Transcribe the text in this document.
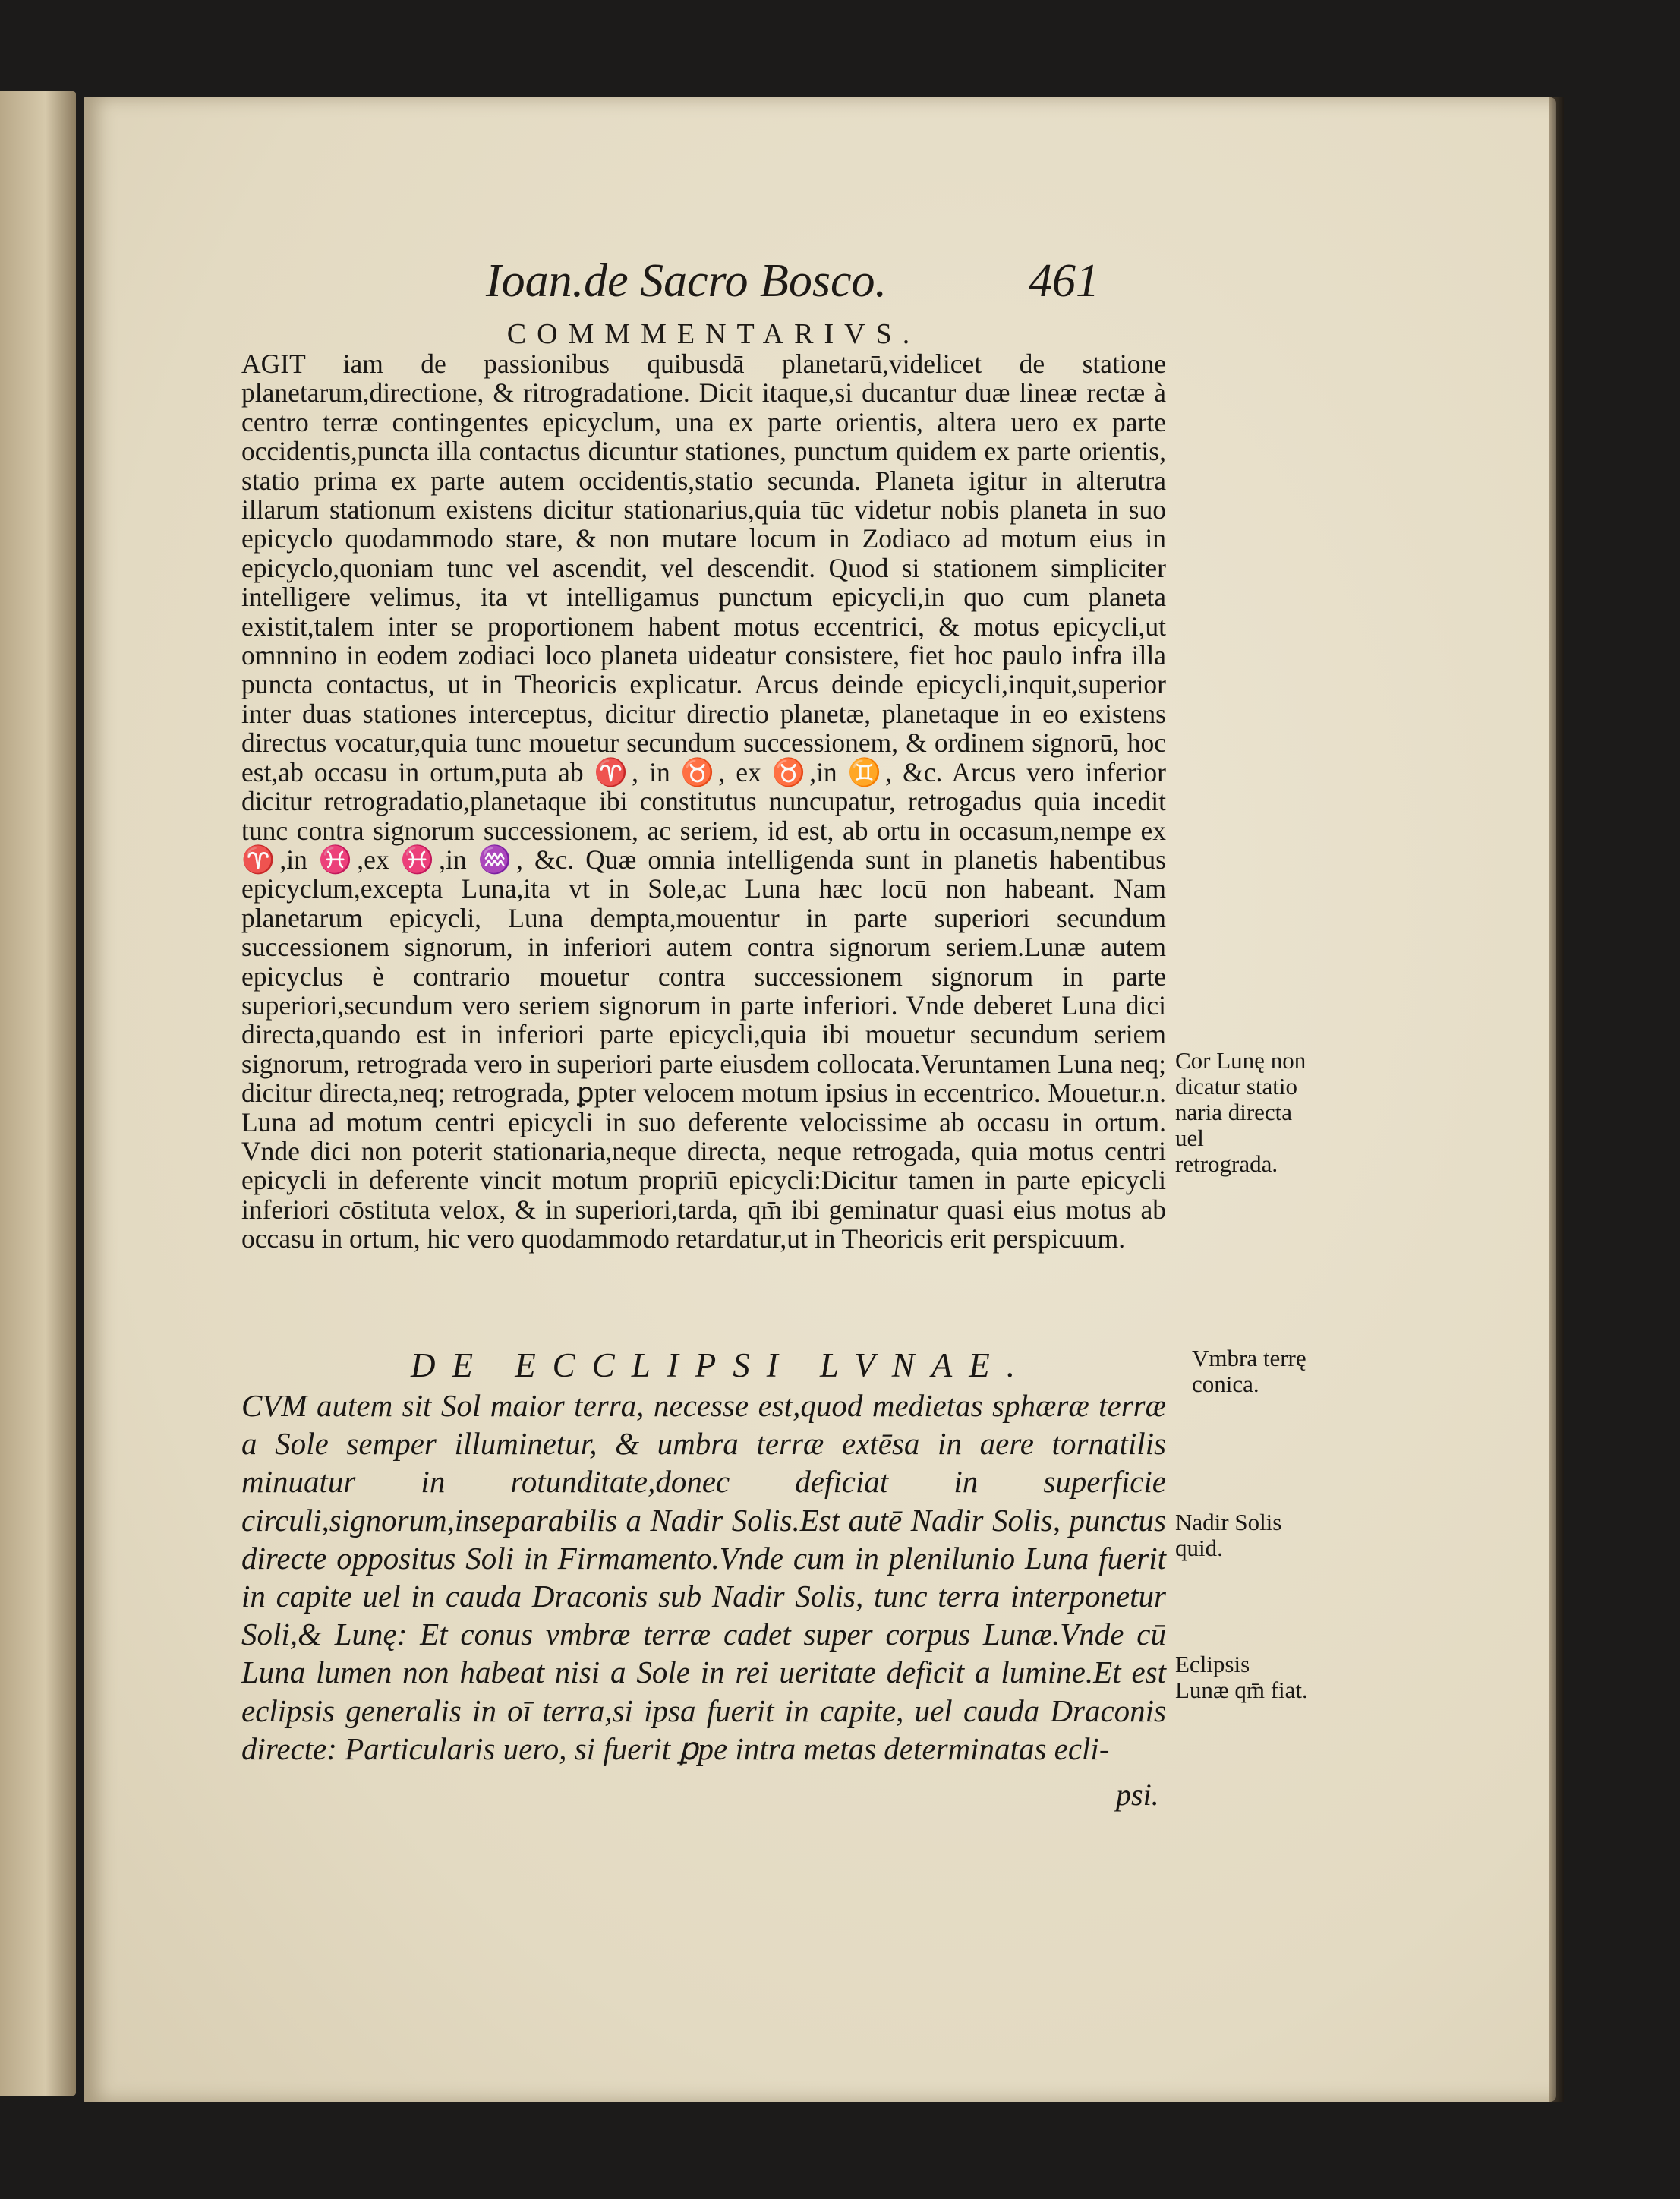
Ioan.de Sacro Bosco.	461
COMMMENTARIVS.

AGIT iam de passionibus quibusdā planetarū,videlicet de statione planetarum,directione, & ritrogradatione. Dicit itaque,si ducantur duæ lineæ rectæ à centro terræ contingentes epicyclum, una ex parte orientis, altera uero ex parte occidentis,puncta illa contactus dicuntur stationes, punctum quidem ex parte orientis, statio prima ex parte autem occidentis,statio secunda. Planeta igitur in alterutra illarum stationum existens dicitur stationarius,quia tūc videtur nobis planeta in suo epicyclo quodammodo stare, & non mutare locum in Zodiaco ad motum eius in epicyclo,quoniam tunc vel ascendit, vel descendit. Quod si stationem simpliciter intelligere velimus, ita vt intelligamus punctum epicycli,in quo cum planeta existit,talem inter se proportionem habent motus eccentrici, & motus epicycli,ut omnnino in eodem zodiaci loco planeta uideatur consistere, fiet hoc paulo infra illa puncta contactus, ut in Theoricis explicatur. Arcus deinde epicycli,inquit,superior inter duas stationes interceptus, dicitur directio planetæ, planetaque in eo existens directus vocatur,quia tunc mouetur secundum successionem, & ordinem signorū, hoc est,ab occasu in ortum,puta ab ♈, in ♉, ex ♉,in ♊, &c. Arcus vero inferior dicitur retrogradatio,planetaque ibi constitutus nuncupatur, retrogadus quia incedit tunc contra signorum successionem, ac seriem, id est, ab ortu in occasum,nempe ex ♈,in ♓,ex ♓,in ♒, &c. Quæ omnia intelligenda sunt in planetis habentibus epicyclum,excepta Luna,ita vt in Sole,ac Luna hæc locū non habeant. Nam planetarum epicycli, Luna dempta,mouentur in parte superiori secundum successionem signorum, in inferiori autem contra signorum seriem.Lunæ autem epicyclus è contrario mouetur contra successionem signorum in parte superiori,secundum vero seriem signorum in parte inferiori. Vnde deberet Luna dici directa,quando est in inferiori parte epicycli,quia ibi mouetur secundum seriem signorum, retrograda vero in superiori parte eiusdem collocata.Veruntamen Luna neq; dicitur directa,neq; retrograda, ꝑpter velocem motum ipsius in eccentrico. Mouetur.n. Luna ad motum centri epicycli in suo deferente velocissime ab occasu in ortum. Vnde dici non poterit stationaria,neque directa, neque retrogada, quia motus centri epicycli in deferente vincit motum propriū epicycli:Dicitur tamen in parte epicycli inferiori cōstituta velox, & in superiori,tarda, qm̄ ibi geminatur quasi eius motus ab occasu in ortum, hic vero quodammodo retardatur,ut in Theoricis erit perspicuum.

DE ECCLIPSI LVNAE.

CVM autem sit Sol maior terra, necesse est,quod medietas sphæræ terræ a Sole semper illuminetur, & umbra terræ extēsa in aere tornatilis minuatur in rotunditate,donec deficiat in superficie circuli,signorum,inseparabilis a Nadir Solis.Est autē Nadir Solis, punctus directe oppositus Soli in Firmamento.Vnde cum in plenilunio Luna fuerit in capite uel in cauda Draconis sub Nadir Solis, tunc terra interponetur Soli,& Lunę: Et conus vmbræ terræ cadet super corpus Lunæ.Vnde cū Luna lumen non habeat nisi a Sole in rei ueritate deficit a lumine.Et est eclipsis generalis in oī terra,si ipsa fuerit in capite, uel cauda Draconis directe: Particularis uero, si fuerit ꝑpe intra metas determinatas ecli-

psi.
Cor Lunę non dicatur statio naria directa uel retrograda.
Vmbra terrę conica.
Nadir Solis quid.
Eclipsis Lunæ qm̄ fiat.
